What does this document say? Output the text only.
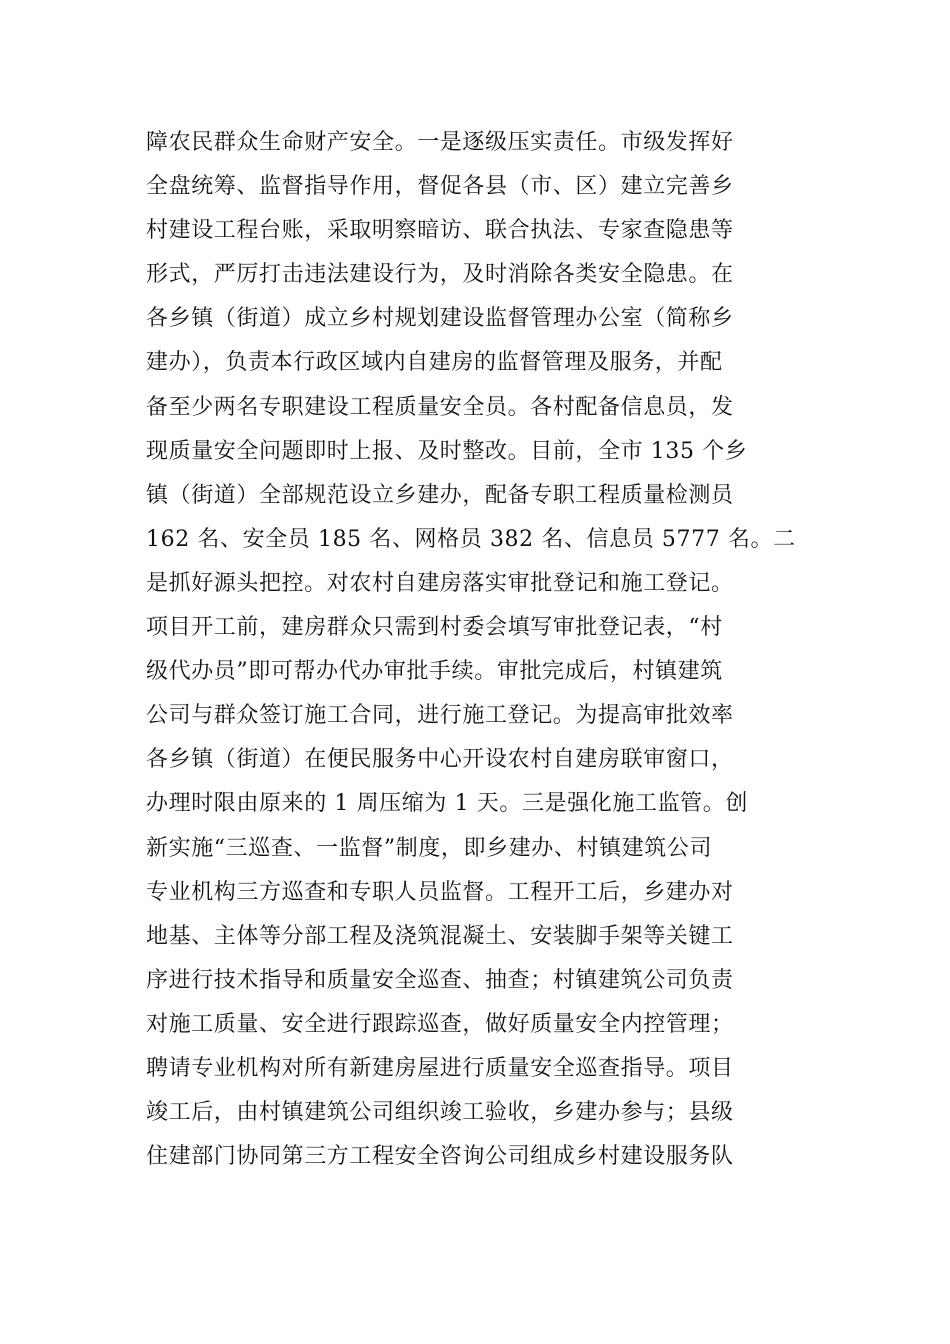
障农民群众生命财产安全。一是逐级压实责任。市级发挥好
全盘统筹、监督指导作用，督促各县（市、区）建立完善乡
村建设工程台账，采取明察暗访、联合执法、专家查隐患等
形式，严厉打击违法建设行为，及时消除各类安全隐患。在
各乡镇（街道）成立乡村规划建设监督管理办公室（简称乡
建办），负责本行政区域内自建房的监督管理及服务，并配
备至少两名专职建设工程质量安全员。各村配备信息员，发
现质量安全问题即时上报、及时整改。目前，全市 135 个乡
镇（街道）全部规范设立乡建办，配备专职工程质量检测员
162 名、安全员 185 名、网格员 382 名、信息员 5777 名。二
是抓好源头把控。对农村自建房落实审批登记和施工登记。
项目开工前，建房群众只需到村委会填写审批登记表，“村
级代办员”即可帮办代办审批手续。审批完成后，村镇建筑
公司与群众签订施工合同，进行施工登记。为提高审批效率
各乡镇（街道）在便民服务中心开设农村自建房联审窗口，
办理时限由原来的 1 周压缩为 1 天。三是强化施工监管。创
新实施“三巡查、一监督”制度，即乡建办、村镇建筑公司
专业机构三方巡查和专职人员监督。工程开工后，乡建办对
地基、主体等分部工程及浇筑混凝土、安装脚手架等关键工
序进行技术指导和质量安全巡查、抽查；村镇建筑公司负责
对施工质量、安全进行跟踪巡查，做好质量安全内控管理；
聘请专业机构对所有新建房屋进行质量安全巡查指导。项目
竣工后，由村镇建筑公司组织竣工验收，乡建办参与；县级
住建部门协同第三方工程安全咨询公司组成乡村建设服务队
